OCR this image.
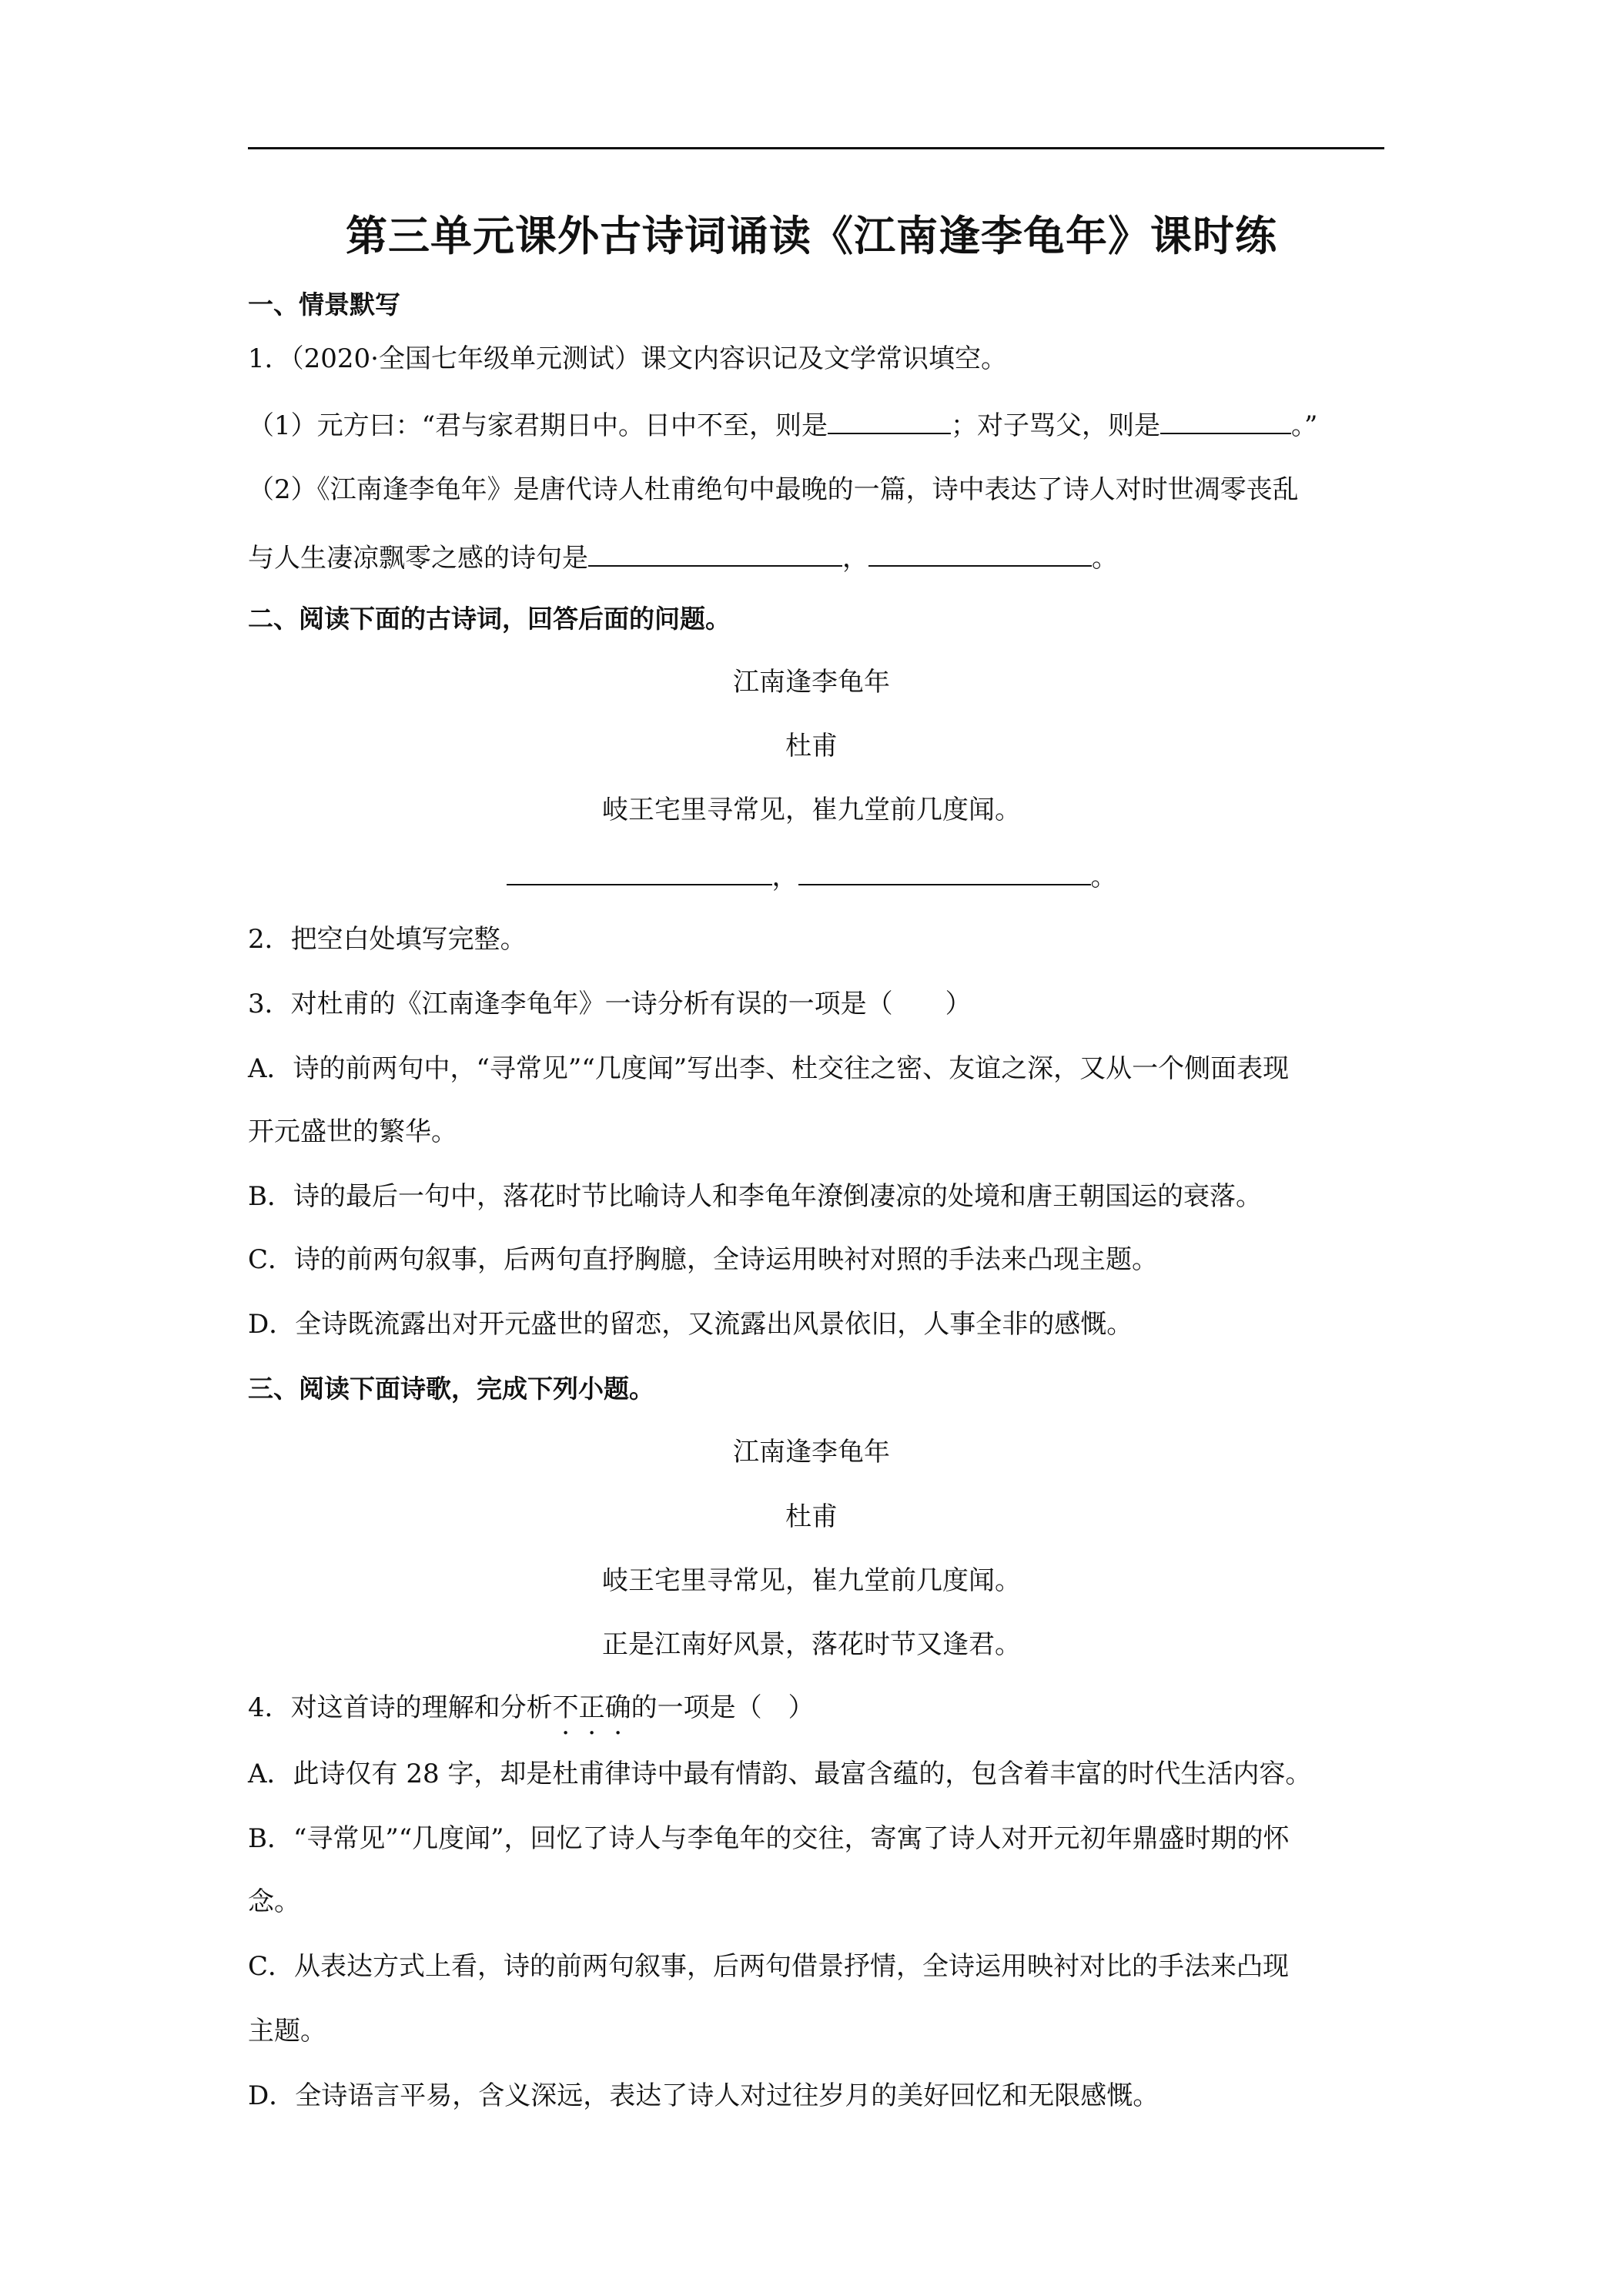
第三单元课外古诗词诵读《江南逢李龟年》课时练
一、情景默写
1．（2020·全国七年级单元测试）课文内容识记及文学常识填空。
（1）元方曰：“君与家君期日中。日中不至，则是	；对子骂父，则是	。”
（2）《江南逢李龟年》是唐代诗人杜甫绝句中最晚的一篇，诗中表达了诗人对时世凋零丧乱
与人生凄凉飘零之感的诗句是	，	。
二、阅读下面的古诗词，回答后面的问题。
江南逢李龟年
杜甫
岐王宅里寻常见，崔九堂前几度闻。
，	。
2．把空白处填写完整。
3．对杜甫的《江南逢李龟年》一诗分析有误的一项是（　　）
A．诗的前两句中，“寻常见”“几度闻”写出李、杜交往之密、友谊之深，又从一个侧面表现
开元盛世的繁华。
B．诗的最后一句中，落花时节比喻诗人和李龟年潦倒凄凉的处境和唐王朝国运的衰落。
C．诗的前两句叙事，后两句直抒胸臆，全诗运用映衬对照的手法来凸现主题。
D．全诗既流露出对开元盛世的留恋，又流露出风景依旧，人事全非的感慨。
三、阅读下面诗歌，完成下列小题。
江南逢李龟年
杜甫
岐王宅里寻常见，崔九堂前几度闻。
正是江南好风景，落花时节又逢君。
4．对这首诗的理解和分析不正确的一项是（　）
A．此诗仅有 28 字，却是杜甫律诗中最有情韵、最富含蕴的，包含着丰富的时代生活内容。
B．“寻常见”“几度闻”，回忆了诗人与李龟年的交往，寄寓了诗人对开元初年鼎盛时期的怀
念。
C．从表达方式上看，诗的前两句叙事，后两句借景抒情，全诗运用映衬对比的手法来凸现
主题。
D．全诗语言平易，含义深远，表达了诗人对过往岁月的美好回忆和无限感慨。
